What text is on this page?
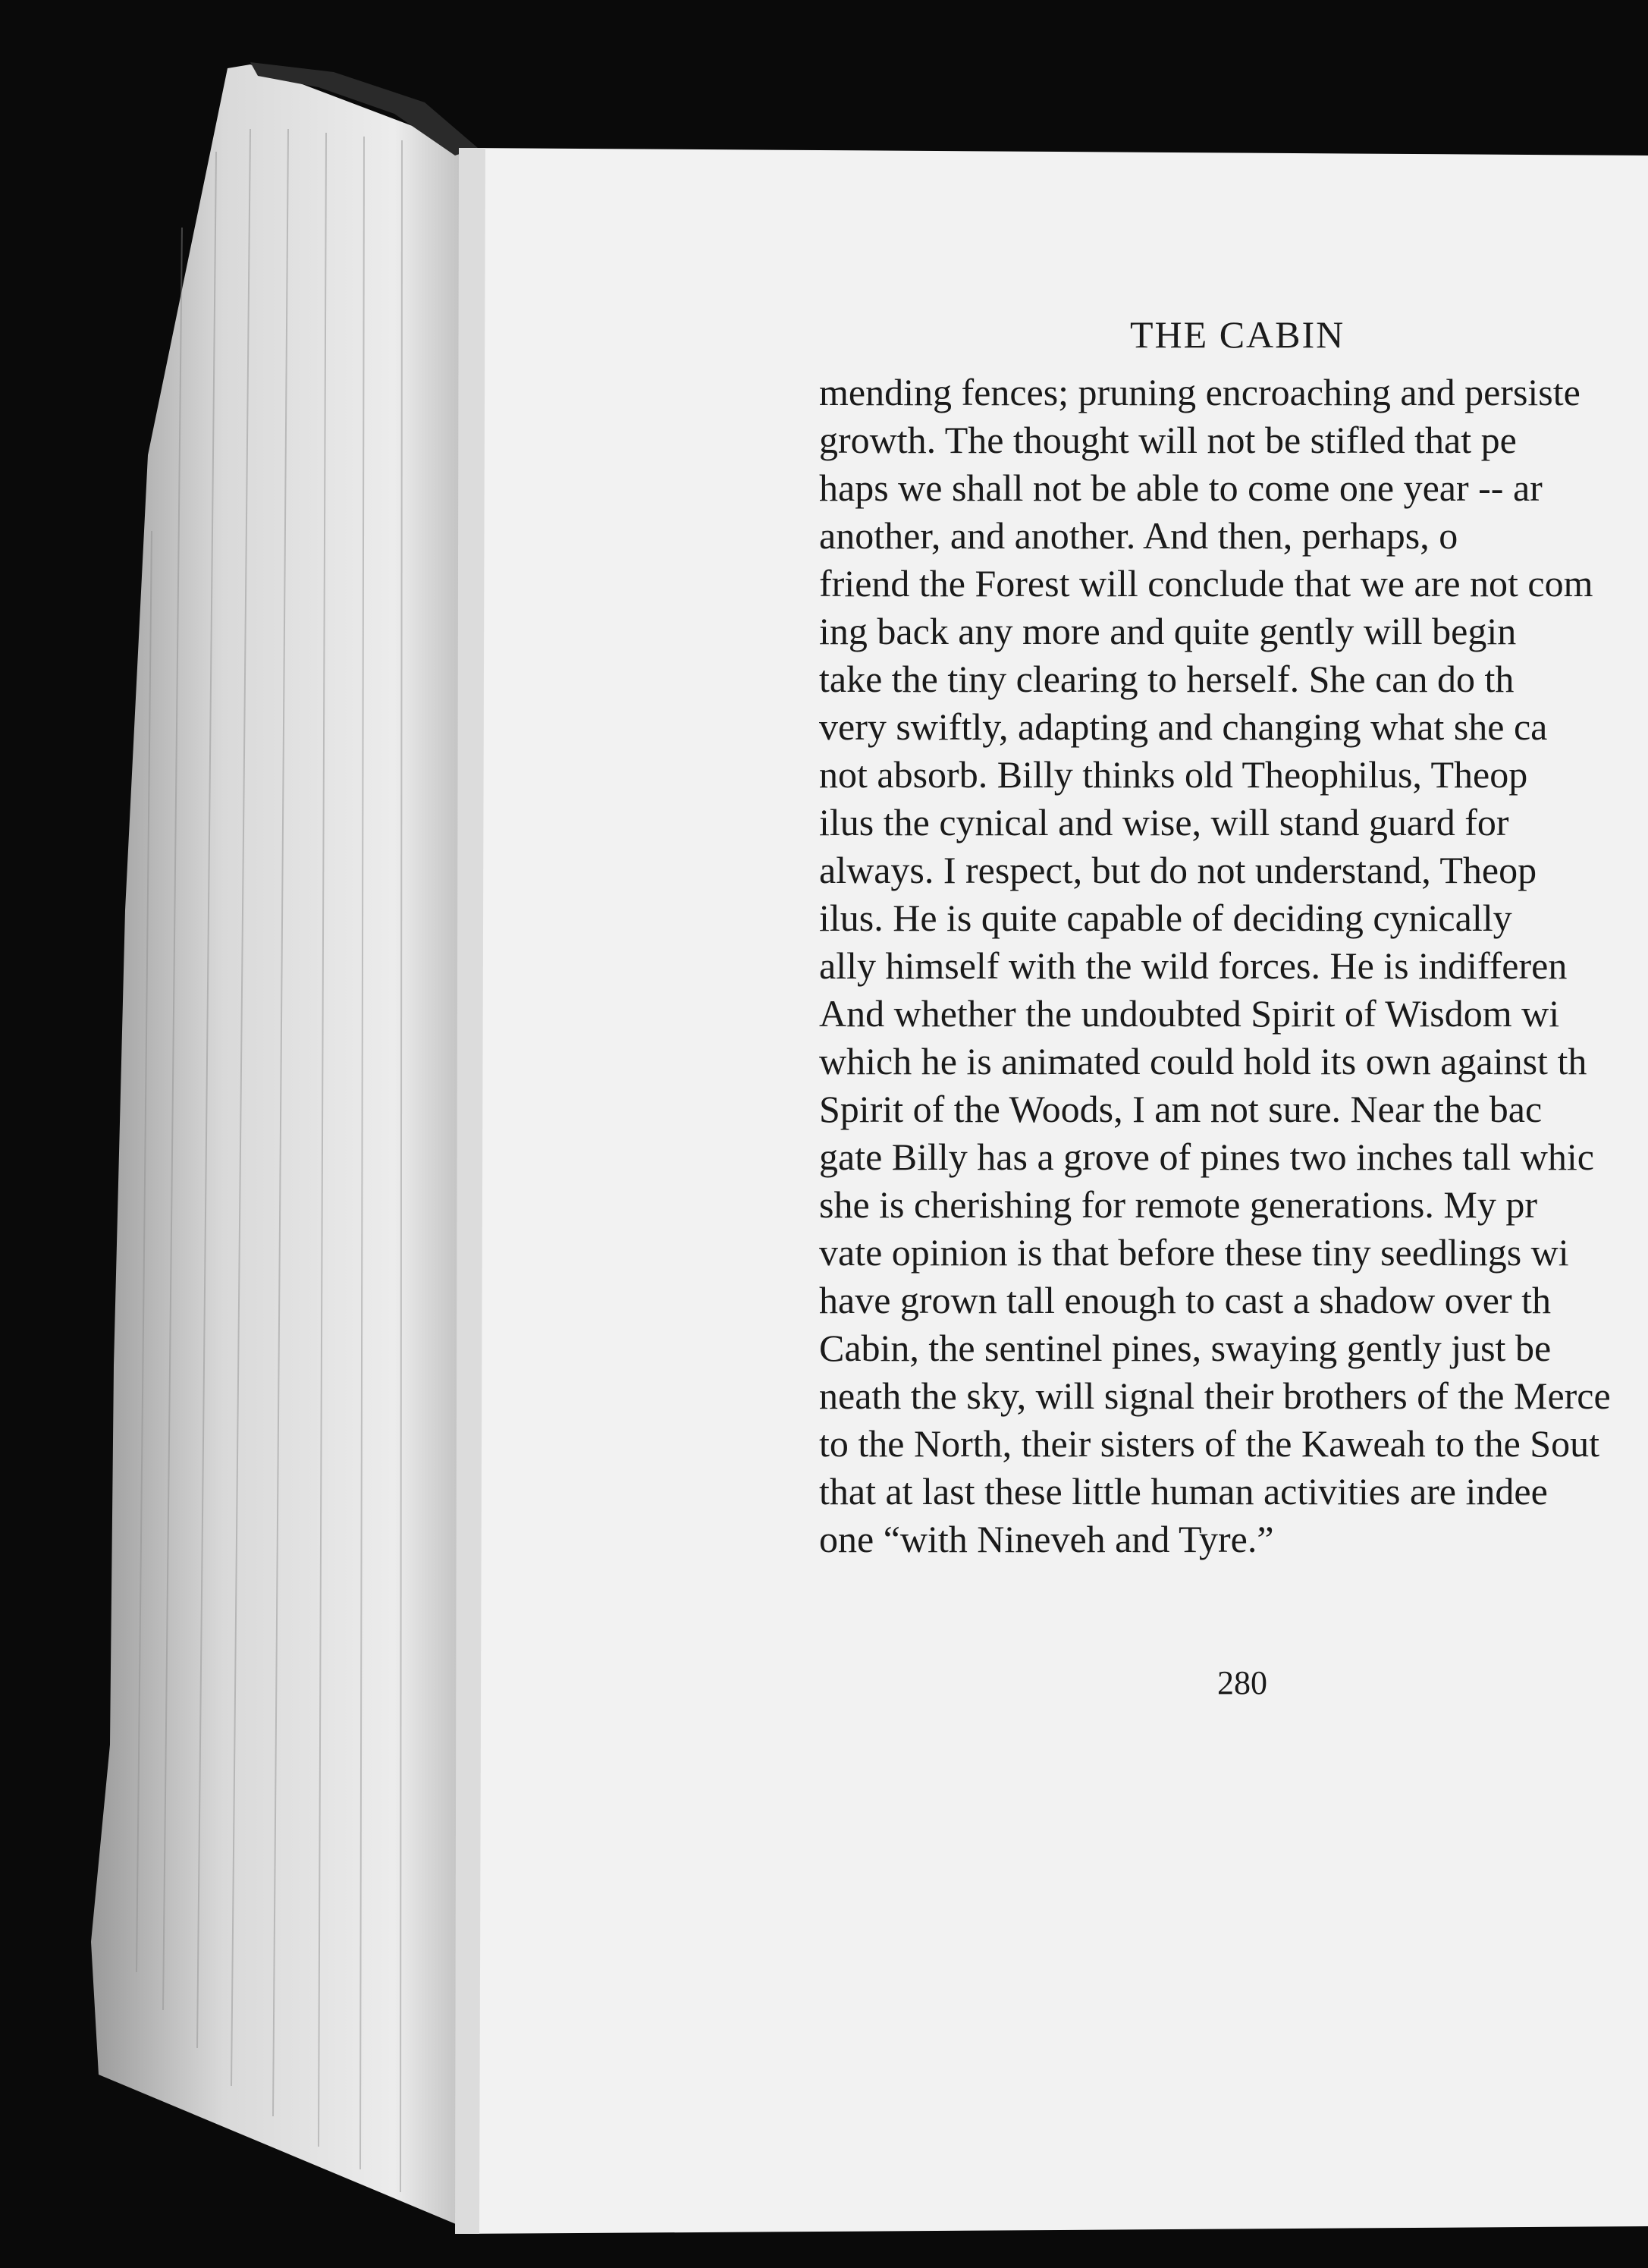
THE CABIN
mending fences; pruning encroaching and persiste
growth. The thought will not be stifled that pe
haps we shall not be able to come one year -- ar
another, and another. And then, perhaps, o
friend the Forest will conclude that we are not com
ing back any more and quite gently will begin
take the tiny clearing to herself. She can do th
very swiftly, adapting and changing what she ca
not absorb. Billy thinks old Theophilus, Theop
ilus the cynical and wise, will stand guard for
always. I respect, but do not understand, Theop
ilus. He is quite capable of deciding cynically
ally himself with the wild forces. He is indifferen
And whether the undoubted Spirit of Wisdom wi
which he is animated could hold its own against th
Spirit of the Woods, I am not sure. Near the bac
gate Billy has a grove of pines two inches tall whic
she is cherishing for remote generations. My pr
vate opinion is that before these tiny seedlings wi
have grown tall enough to cast a shadow over th
Cabin, the sentinel pines, swaying gently just be
neath the sky, will signal their brothers of the Merce
to the North, their sisters of the Kaweah to the Sout
that at last these little human activities are indee
one “with Nineveh and Tyre.”
280
